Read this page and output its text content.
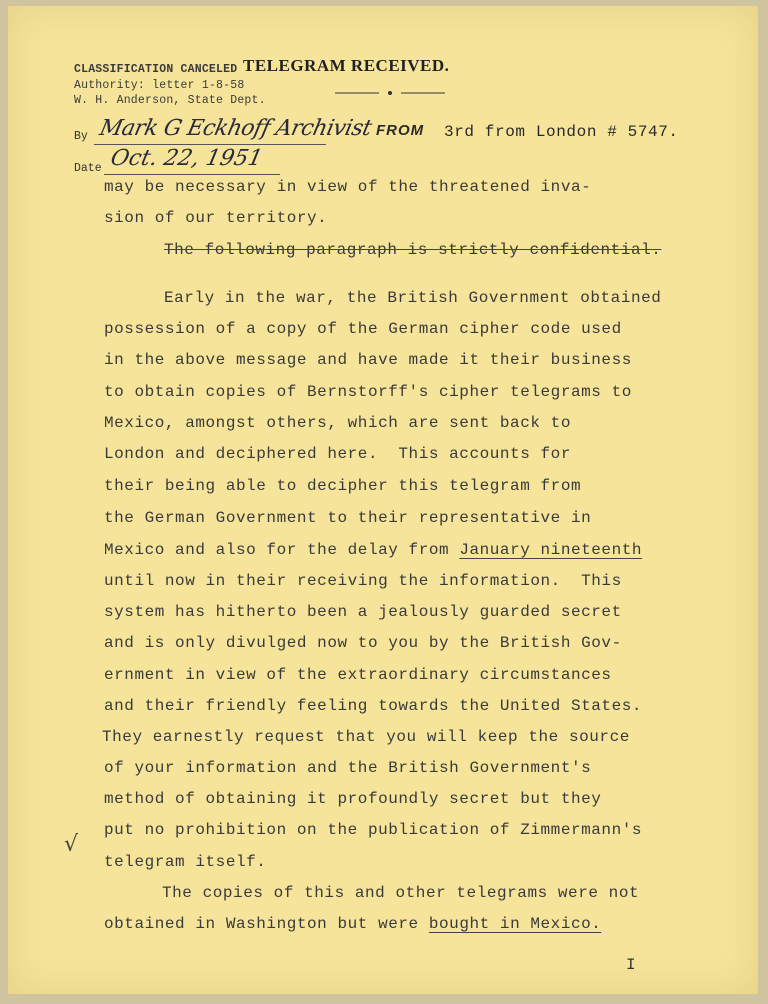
CLASSIFICATION CANCELED
Authority: letter 1-8-58
W. H. Anderson, State Dept.
TELEGRAM RECEIVED.
By Mark G Eckhoff Archivist
Date Oct. 22, 1951
FROM 3rd from London # 5747.
may be necessary in view of the threatened inva-
sion of our territory.
The following paragraph is strictly confidential.
Early in the war, the British Government obtained
possession of a copy of the German cipher code used
in the above message and have made it their business
to obtain copies of Bernstorff's cipher telegrams to
Mexico, amongst others, which are sent back to
London and deciphered here.  This accounts for
their being able to decipher this telegram from
the German Government to their representative in
Mexico and also for the delay from January nineteenth
until now in their receiving the information.  This
system has hitherto been a jealously guarded secret
and is only divulged now to you by the British Gov-
ernment in view of the extraordinary circumstances
and their friendly feeling towards the United States.
They earnestly request that you will keep the source
of your information and the British Government's
method of obtaining it profoundly secret but they
put no prohibition on the publication of Zimmermann's
telegram itself.
The copies of this and other telegrams were not
obtained in Washington but were bought in Mexico.
√
I
